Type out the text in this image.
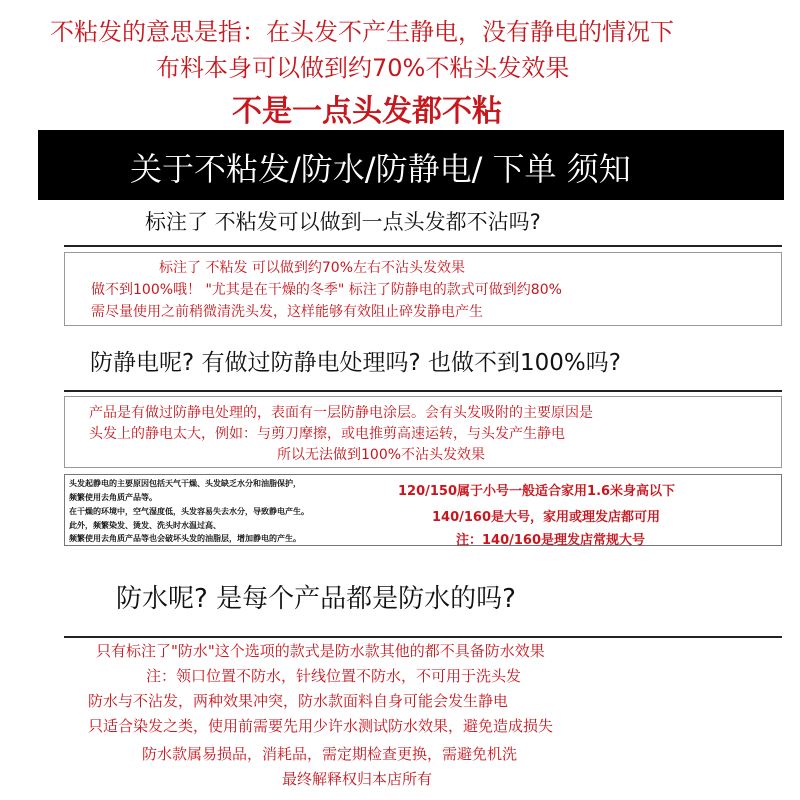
不粘发的意思是指：在头发不产生静电，没有静电的情况下
布料本身可以做到约70%不粘头发效果
不是一点头发都不粘
关于不粘发/防水/防静电/ 下单 须知
标注了 不粘发可以做到一点头发都不沾吗?
标注了 不粘发 可以做到约70%左右不沾头发效果
做不到100%哦！ "尤其是在干燥的冬季" 标注了防静电的款式可做到约80%
需尽量使用之前稍微清洗头发，这样能够有效阻止碎发静电产生
防静电呢? 有做过防静电处理吗? 也做不到100%吗?
产品是有做过防静电处理的，表面有一层防静电涂层。会有头发吸附的主要原因是
头发上的静电太大，例如：与剪刀摩擦，或电推剪高速运转，与头发产生静电
所以无法做到100%不沾头发效果
头发起静电的主要原因包括天气干燥、头发缺乏水分和油脂保护，
频繁使用去角质产品等。
在干燥的环境中，空气湿度低，头发容易失去水分，导致静电产生。
此外，频繁染发、烫发、洗头时水温过高、
频繁使用去角质产品等也会破坏头发的油脂层，增加静电的产生。
120/150属于小号一般适合家用1.6米身高以下
140/160是大号，家用或理发店都可用
注：140/160是理发店常规大号
防水呢? 是每个产品都是防水的吗?
只有标注了"防水"这个选项的款式是防水款其他的都不具备防水效果
注：领口位置不防水，针线位置不防水，不可用于洗头发
防水与不沾发，两种效果冲突，防水款面料自身可能会发生静电
只适合染发之类，使用前需要先用少许水测试防水效果，避免造成损失
防水款属易损品，消耗品，需定期检查更换，需避免机洗
最终解释权归本店所有
